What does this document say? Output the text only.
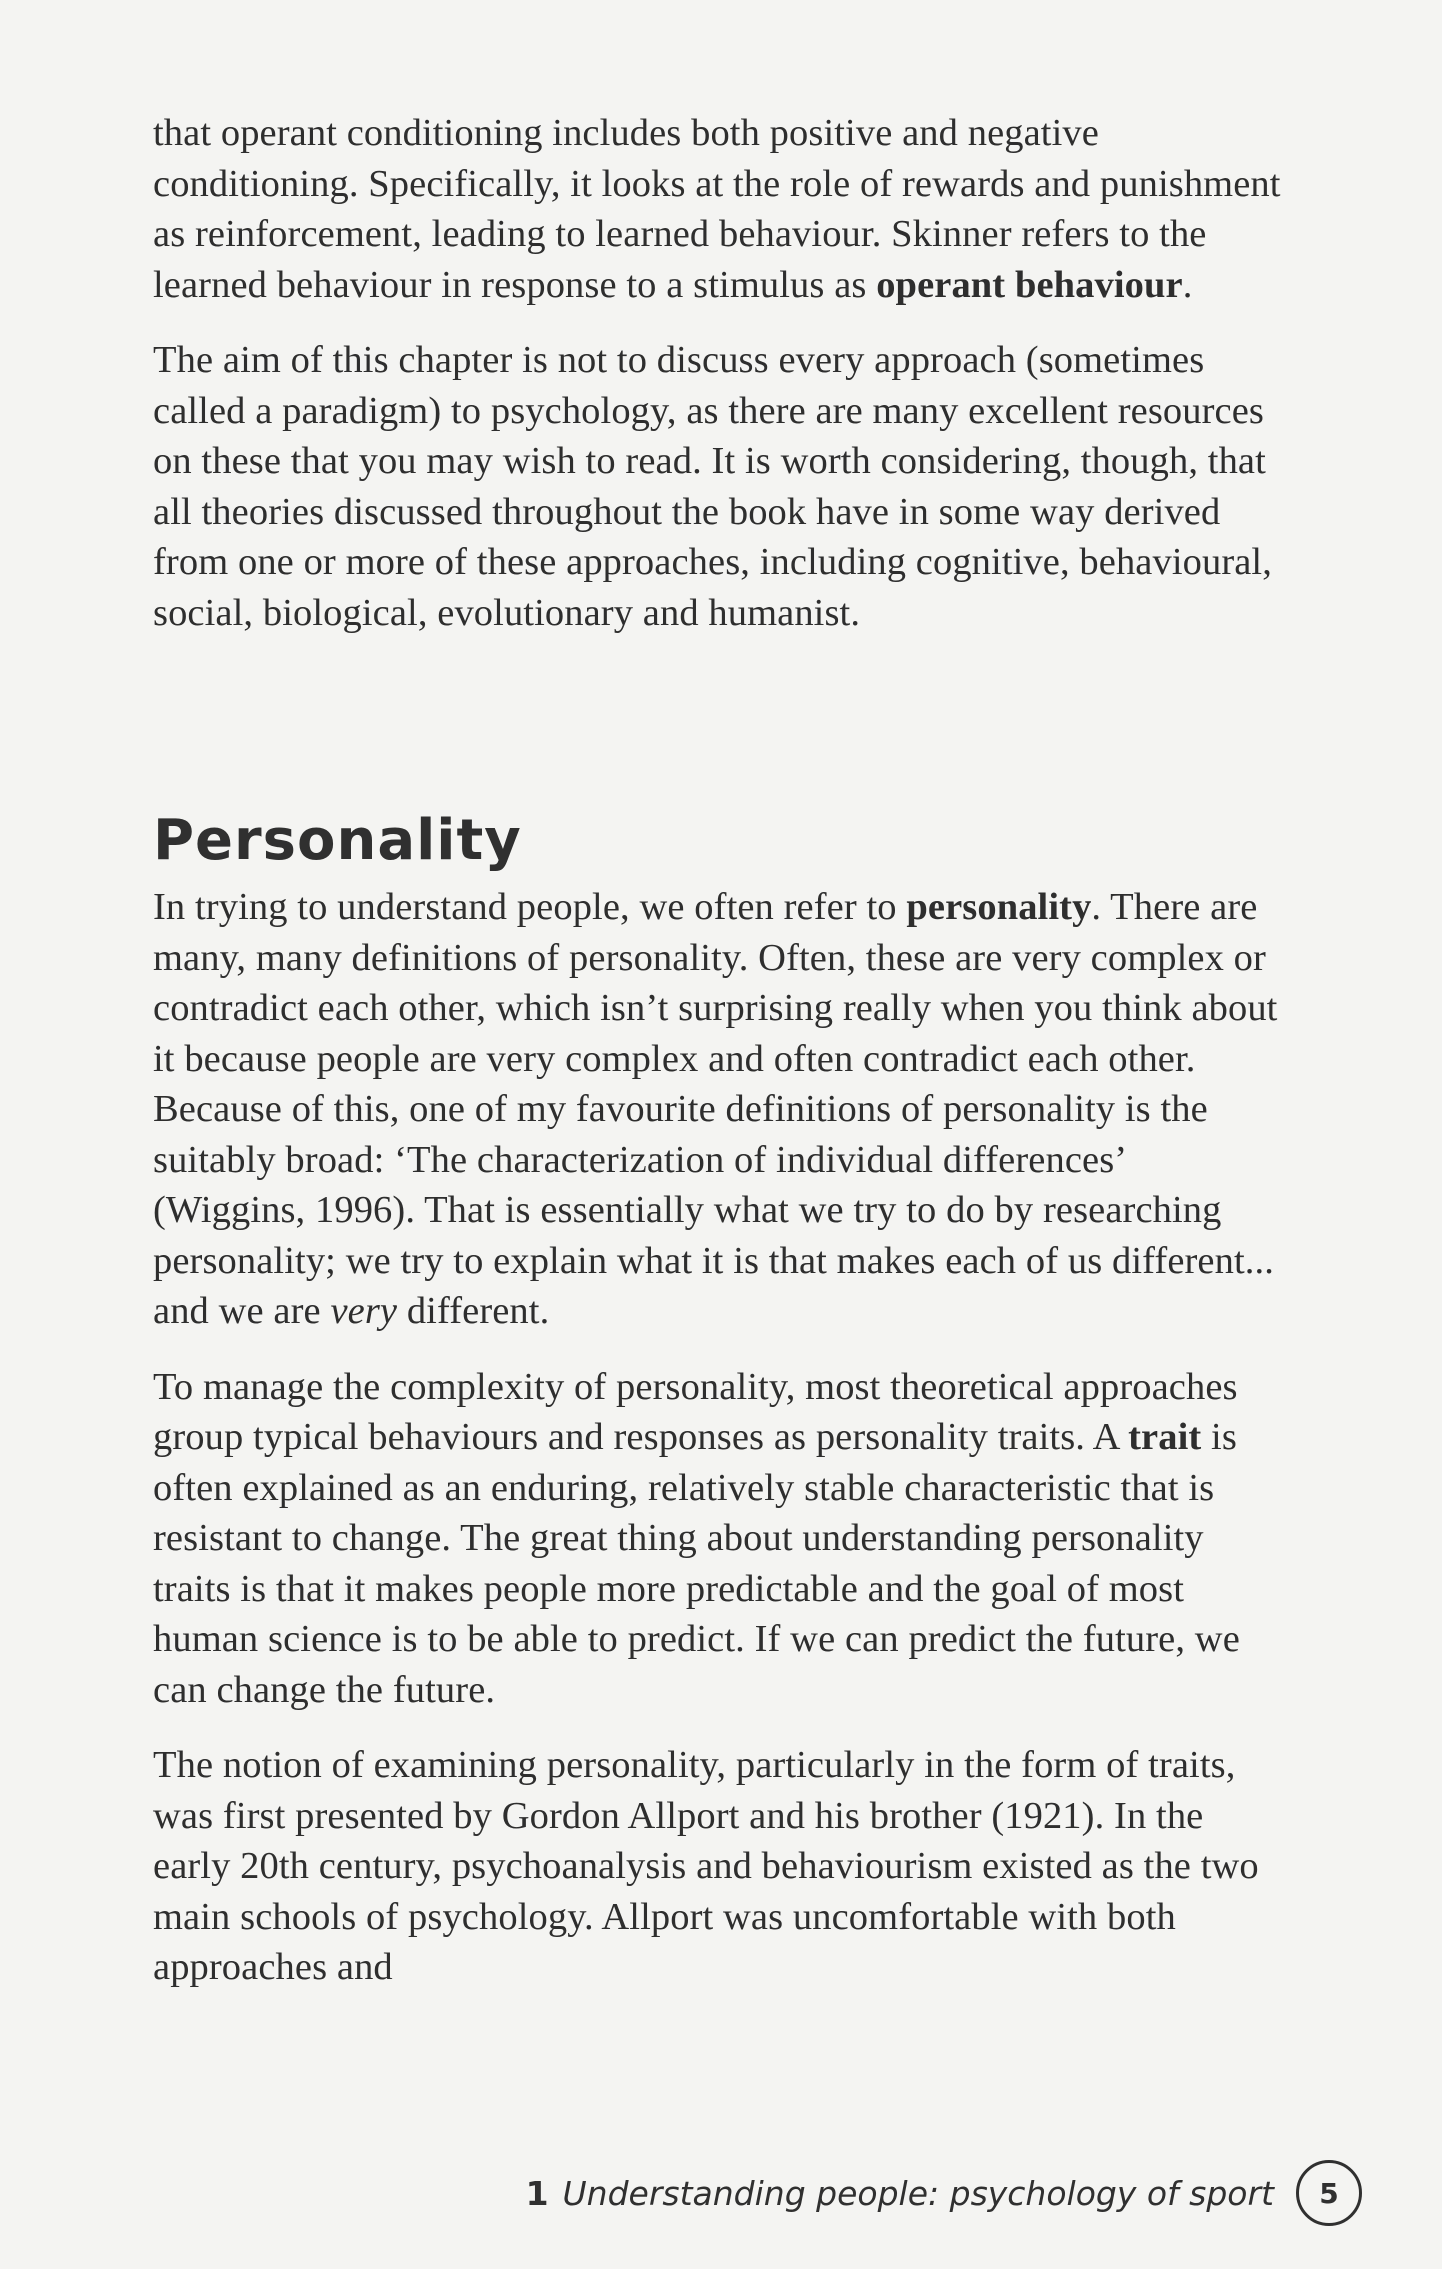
that operant conditioning includes both positive and negative conditioning. Specifically, it looks at the role of rewards and punishment as reinforcement, leading to learned behaviour. Skinner refers to the learned behaviour in response to a stimulus as operant behaviour.

The aim of this chapter is not to discuss every approach (sometimes called a paradigm) to psychology, as there are many excellent resources on these that you may wish to read. It is worth considering, though, that all theories discussed throughout the book have in some way derived from one or more of these approaches, including cognitive, behavioural, social, biological, evolutionary and humanist.

Personality

In trying to understand people, we often refer to personality. There are many, many definitions of personality. Often, these are very complex or contradict each other, which isn’t surprising really when you think about it because people are very complex and often contradict each other. Because of this, one of my favourite definitions of personality is the suitably broad: ‘The characterization of individual differences’ (Wiggins, 1996). That is essentially what we try to do by researching personality; we try to explain what it is that makes each of us different... and we are very different.

To manage the complexity of personality, most theoretical approaches group typical behaviours and responses as personality traits. A trait is often explained as an enduring, relatively stable characteristic that is resistant to change. The great thing about understanding personality traits is that it makes people more predictable and the goal of most human science is to be able to predict. If we can predict the future, we can change the future.

The notion of examining personality, particularly in the form of traits, was first presented by Gordon Allport and his brother (1921). In the early 20th century, psychoanalysis and behaviourism existed as the two main schools of psychology. Allport was uncomfortable with both approaches and

1 Understanding people: psychology of sport	5
